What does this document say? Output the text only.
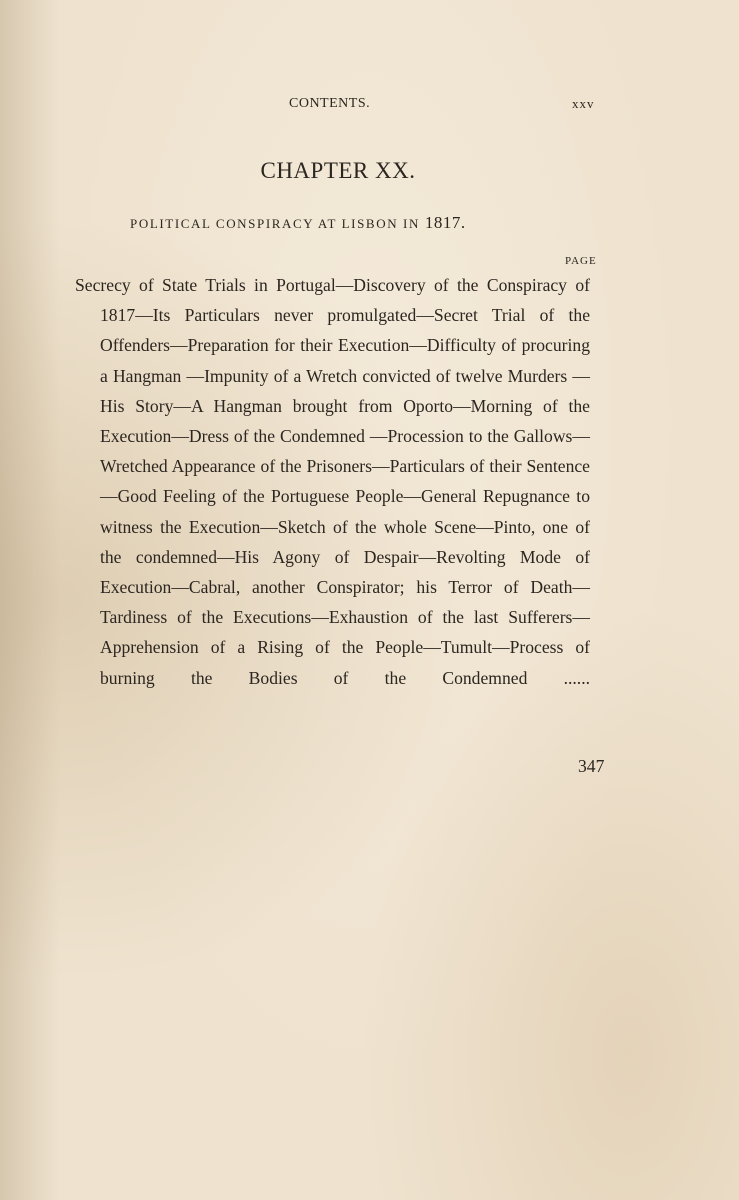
CONTENTS.	xxv
CHAPTER XX.
POLITICAL CONSPIRACY AT LISBON IN 1817.
PAGE

Secrecy of State Trials in Portugal—Discovery of the Conspiracy of 1817—Its Particulars never promulgated—Secret Trial of the Offenders—Preparation for their Execution—Difficulty of procuring a Hangman —Impunity of a Wretch convicted of twelve Murders —His Story—A Hangman brought from Oporto—Morning of the Execution—Dress of the Condemned —Procession to the Gallows—Wretched Appearance of the Prisoners—Particulars of their Sentence—Good Feeling of the Portuguese People—General Repugnance to witness the Execution—Sketch of the whole Scene—Pinto, one of the condemned—His Agony of Despair—Revolting Mode of Execution—Cabral, another Conspirator; his Terror of Death—Tardiness of the Executions—Exhaustion of the last Sufferers—Apprehension of a Rising of the People—Tumult—Process of burning the Bodies of the Condemned ......

347
